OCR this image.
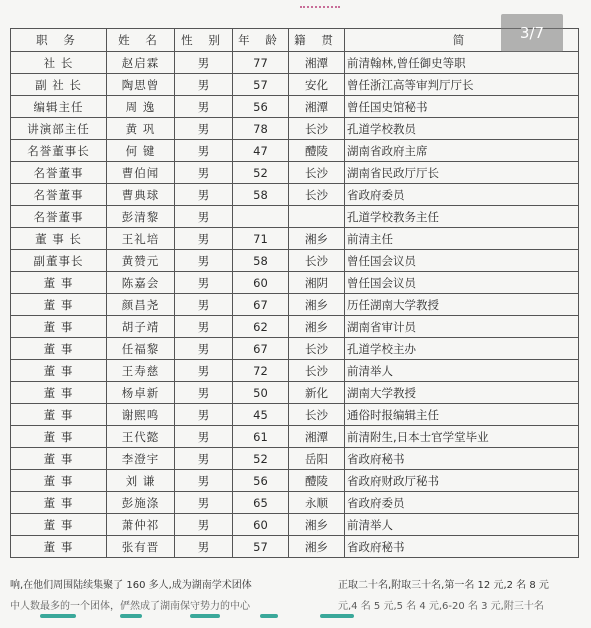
职 务	姓 名	性 别	年 龄	籍 贯	简
社 长	赵启霖	男	77	湘潭	前清翰林,曾任御史等职
副 社 长	陶思曾	男	57	安化	曾任浙江高等审判厅厅长
编辑主任	周 逸	男	56	湘潭	曾任国史馆秘书
讲演部主任	黄 巩	男	78	长沙	孔道学校教员
名誉董事长	何 键	男	47	醴陵	湖南省政府主席
名誉董事	曹伯闻	男	52	长沙	湖南省民政厅厅长
名誉董事	曹典球	男	58	长沙	省政府委员
名誉董事	彭清黎	男			孔道学校教务主任
董 事 长	王礼培	男	71	湘乡	前清主任
副董事长	黄赞元	男	58	长沙	曾任国会议员
董 事	陈嘉会	男	60	湘阴	曾任国会议员
董 事	颜昌尧	男	67	湘乡	历任湖南大学教授
董 事	胡子靖	男	62	湘乡	湖南省审计员
董 事	任福黎	男	67	长沙	孔道学校主办
董 事	王寿慈	男	72	长沙	前清举人
董 事	杨卓新	男	50	新化	湖南大学教授
董 事	谢熙鸣	男	45	长沙	通俗时报编辑主任
董 事	王代懿	男	61	湘潭	前清附生,日本士官学堂毕业
董 事	李澄宇	男	52	岳阳	省政府秘书
董 事	刘 谦	男	56	醴陵	省政府财政厅秘书
董 事	彭施涤	男	65	永顺	省政府委员
董 事	萧仲祁	男	60	湘乡	前清举人
董 事	张有晋	男	57	湘乡	省政府秘书
3/7
响,在他们周围陆续集聚了 160 多人,成为湖南学术团体
中人数最多的一个团体，俨然成了湖南保守势力的中心
正取二十名,附取三十名,第一名 12 元,2 名 8 元
元,4 名 5 元,5 名 4 元,6-20 名 3 元,附三十名
